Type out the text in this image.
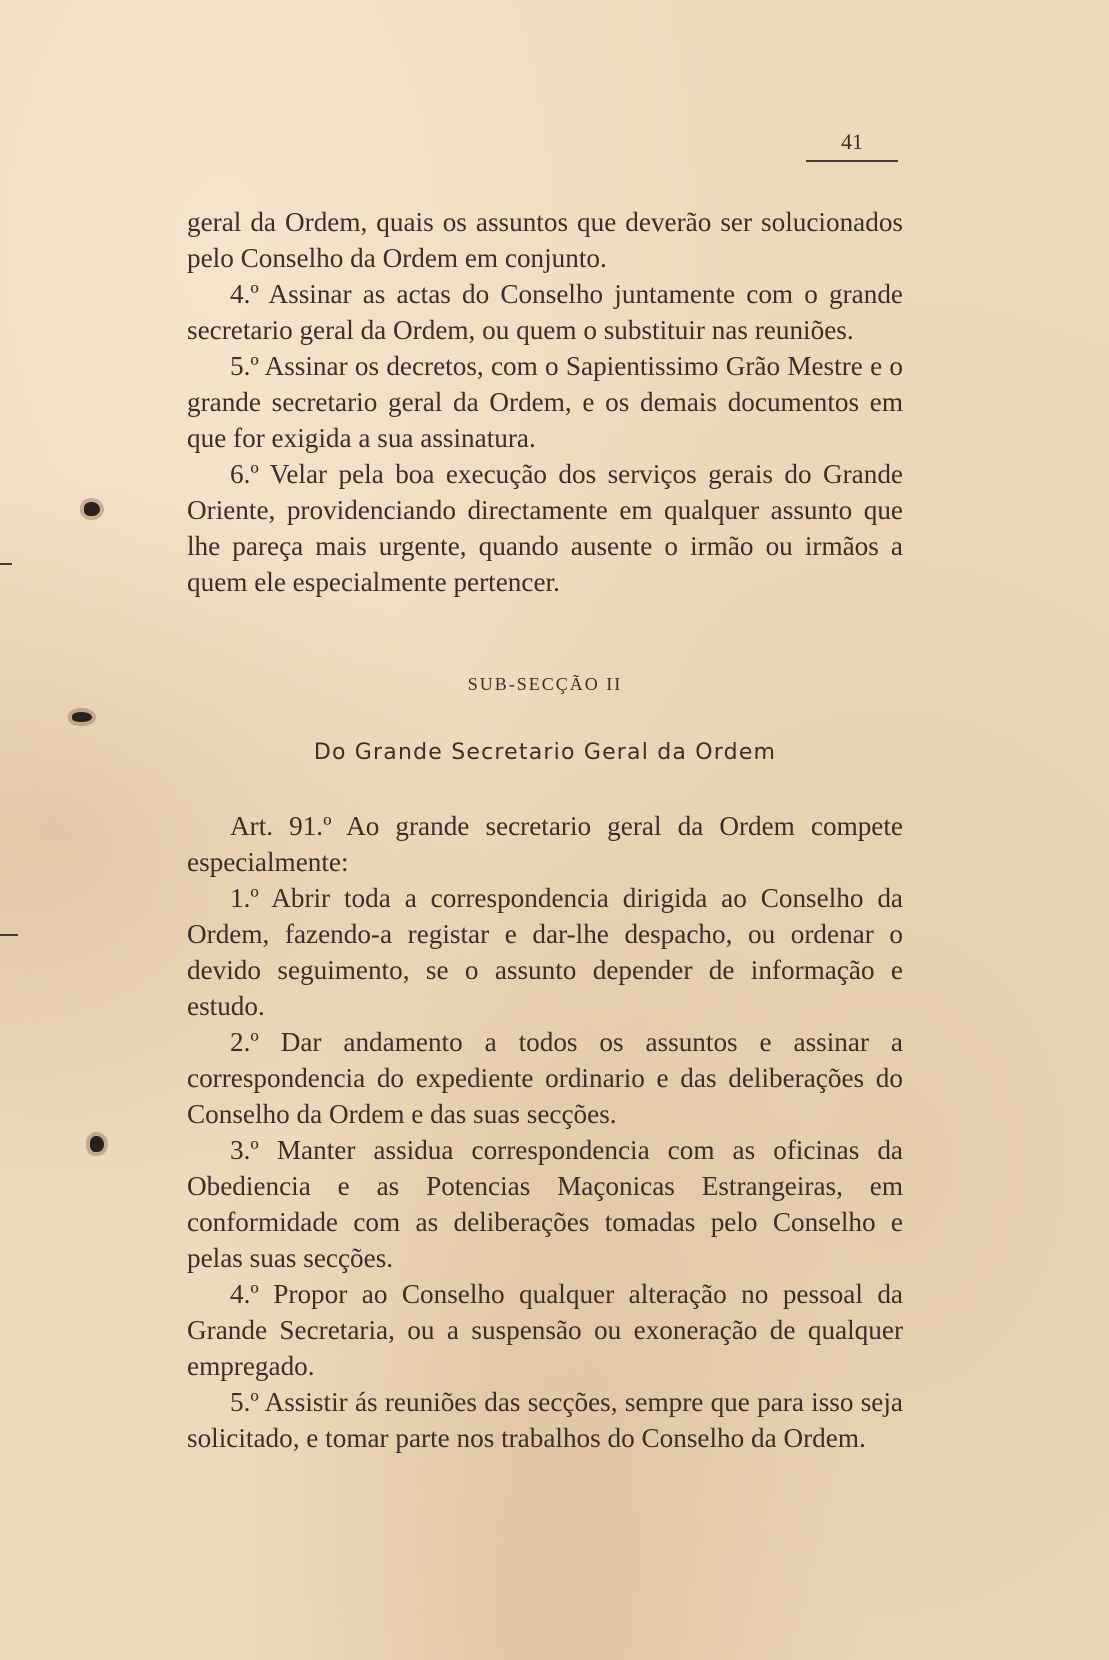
41

geral da Ordem, quais os assuntos que deverão ser solucionados pelo Conselho da Ordem em conjunto.

4.º Assinar as actas do Conselho juntamente com o grande secretario geral da Ordem, ou quem o substituir nas reuniões.

5.º Assinar os decretos, com o Sapientissimo Grão Mestre e o grande secretario geral da Ordem, e os demais documentos em que for exigida a sua assinatura.

6.º Velar pela boa execução dos serviços gerais do Grande Oriente, providenciando directamente em qualquer assunto que lhe pareça mais urgente, quando ausente o irmão ou irmãos a quem ele especialmente pertencer.

SUB-SECÇÃO II
Do Grande Secretario Geral da Ordem

Art. 91.º Ao grande secretario geral da Ordem compete especialmente:

1.º Abrir toda a correspondencia dirigida ao Conselho da Ordem, fazendo-a registar e dar-lhe despacho, ou ordenar o devido seguimento, se o assunto depender de informação e estudo.

2.º Dar andamento a todos os assuntos e assinar a correspondencia do expediente ordinario e das deliberações do Conselho da Ordem e das suas secções.

3.º Manter assidua correspondencia com as oficinas da Obediencia e as Potencias Maçonicas Estrangeiras, em conformidade com as deliberações tomadas pelo Conselho e pelas suas secções.

4.º Propor ao Conselho qualquer alteração no pessoal da Grande Secretaria, ou a suspensão ou exoneração de qualquer empregado.

5.º Assistir ás reuniões das secções, sempre que para isso seja solicitado, e tomar parte nos trabalhos do Conselho da Ordem.
